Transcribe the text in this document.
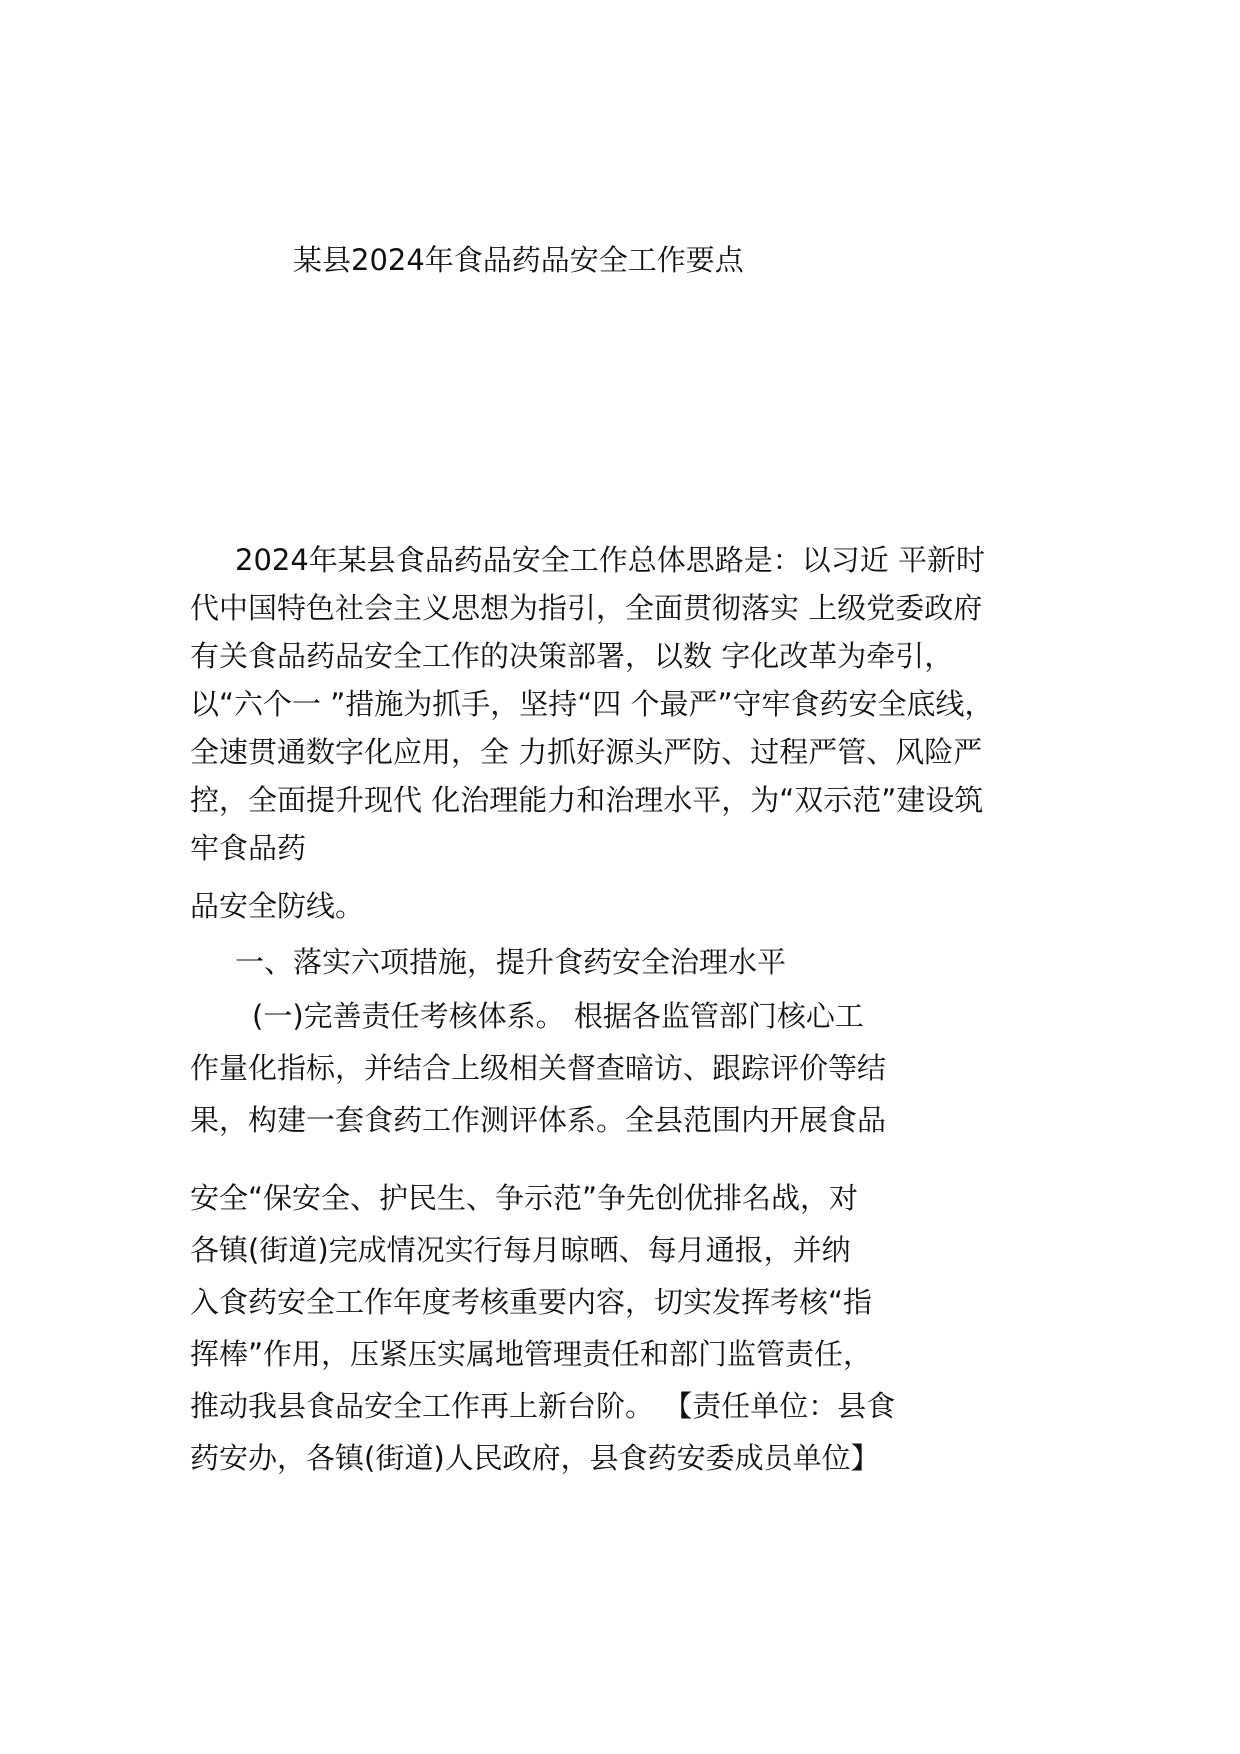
某县2024年食品药品安全工作要点
2024年某县食品药品安全工作总体思路是：以习近 平新时
代中国特色社会主义思想为指引，全面贯彻落实 上级党委政府
有关食品药品安全工作的决策部署，以数 字化改革为牵引，
以“六个一 ”措施为抓手，坚持“四 个最严”守牢食药安全底线，
全速贯通数字化应用，全 力抓好源头严防、过程严管、风险严
控，全面提升现代 化治理能力和治理水平，为“双示范”建设筑
牢食品药
品安全防线。
一、落实六项措施，提升食药安全治理水平
(一)完善责任考核体系。 根据各监管部门核心工
作量化指标，并结合上级相关督查暗访、跟踪评价等结
果，构建一套食药工作测评体系。全县范围内开展食品
安全“保安全、护民生、争示范”争先创优排名战，对
各镇(街道)完成情况实行每月晾晒、每月通报，并纳
入食药安全工作年度考核重要内容，切实发挥考核“指
挥棒”作用，压紧压实属地管理责任和部门监管责任，
推动我县食品安全工作再上新台阶。 【责任单位：县食
药安办，各镇(街道)人民政府，县食药安委成员单位】
